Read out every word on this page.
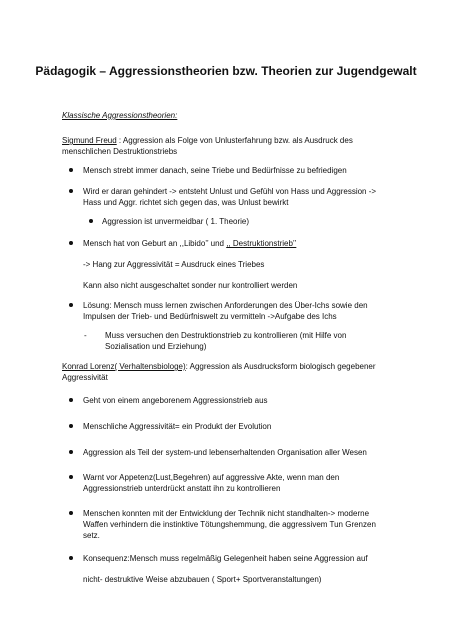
Pädagogik – Aggressionstheorien bzw. Theorien zur Jugendgewalt
Klassische Aggressionstheorien:
Sigmund Freud : Aggression als Folge von Unlusterfahrung bzw. als Ausdruck des
menschlichen Destruktionstriebs
Mensch strebt immer danach, seine Triebe und Bedürfnisse zu befriedigen
Wird er daran gehindert -> entsteht Unlust und Gefühl von Hass und Aggression ->
Hass und Aggr. richtet sich gegen das, was Unlust bewirkt
Aggression ist unvermeidbar ( 1. Theorie)
Mensch hat von Geburt an ,,Libido’’ und ,, Destruktionstrieb’’
-> Hang zur Aggressivität = Ausdruck eines Triebes
Kann also nicht ausgeschaltet sonder nur kontrolliert werden
Lösung: Mensch muss lernen zwischen Anforderungen des Über-Ichs sowie den
Impulsen der Trieb- und Bedürfniswelt zu vermitteln ->Aufgabe des Ichs
- Muss versuchen den Destruktionstrieb zu kontrollieren (mit Hilfe von
Sozialisation und Erziehung)
Konrad Lorenz( Verhaltensbiologe): Aggression als Ausdrucksform biologisch gegebener
Aggressivität
Geht von einem angeborenem Aggressionstrieb aus
Menschliche Aggressivität= ein Produkt der Evolution
Aggression als Teil der system-und lebenserhaltenden Organisation aller Wesen
Warnt vor Appetenz(Lust,Begehren) auf aggressive Akte, wenn man den
Aggressionstrieb unterdrückt anstatt ihn zu kontrollieren
Menschen konnten mit der Entwicklung der Technik nicht standhalten-> moderne
Waffen verhindern die instinktive Tötungshemmung, die aggressivem Tun Grenzen
setz.
Konsequenz:Mensch muss regelmäßig Gelegenheit haben seine Aggression auf
nicht- destruktive Weise abzubauen ( Sport+ Sportveranstaltungen)
